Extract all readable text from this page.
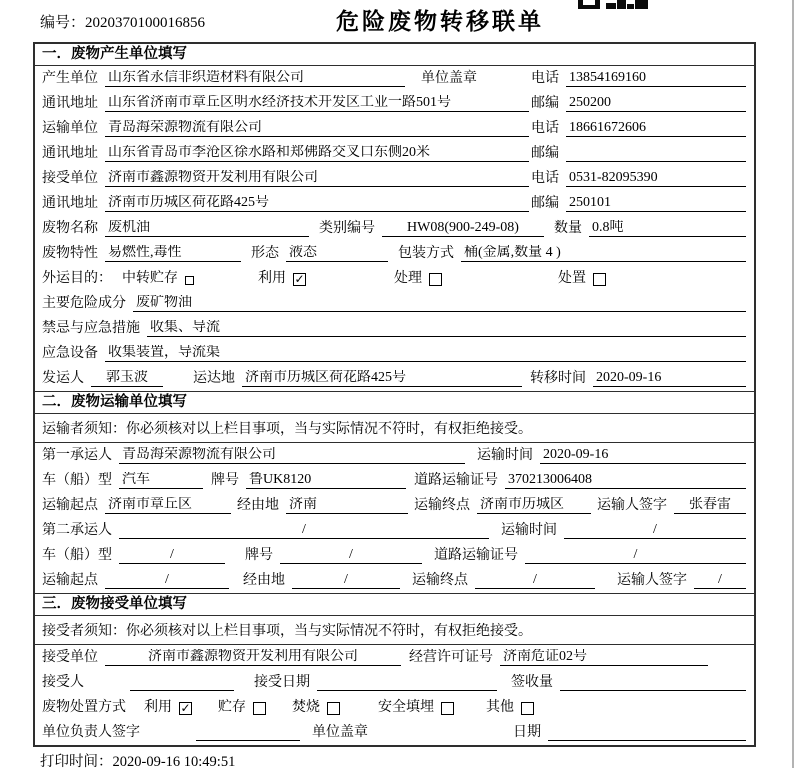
编号：2020370100016856	危险废物转移联单
一．废物产生单位填写
产生单位 山东省永信非织造材料有限公司	单位盖章	电话 13854169160
通讯地址 山东省济南市章丘区明水经济技术开发区工业一路501号	邮编 250200
运输单位 青岛海荣源物流有限公司	电话 18661672606
通讯地址 山东省青岛市李沧区徐水路和郑佛路交叉口东侧20米	邮编
接受单位 济南市鑫源物资开发利用有限公司	电话 0531-82095390
通讯地址 济南市历城区荷花路425号	邮编 250101
废物名称 废机油	类别编号	HW08(900-249-08)	数量 0.8吨
废物特性 易燃性,毒性	形态 液态	包装方式 桶(金属,数量 4 )
外运目的： 中转贮存	利用 ✓	处理	处置
主要危险成分 废矿物油
禁忌与应急措施 收集、导流
应急设备 收集装置，导流渠
发运人	郭玉波	运达地 济南市历城区荷花路425号	转移时间 2020-09-16
二．废物运输单位填写
运输者须知：你必须核对以上栏目事项，当与实际情况不符时，有权拒绝接受。
第一承运人 青岛海荣源物流有限公司	运输时间 2020-09-16
车（船）型 汽车	牌号 鲁UK8120	道路运输证号 370213006408
运输起点 济南市章丘区	经由地 济南	运输终点 济南市历城区	运输人签字	张春雷
第二承运人	/	运输时间	/
车（船）型	/	牌号	/	道路运输证号	/
运输起点	/	经由地	/	运输终点	/	运输人签字	/
三．废物接受单位填写
接受者须知：你必须核对以上栏目事项，当与实际情况不符时，有权拒绝接受。
接受单位	济南市鑫源物资开发利用有限公司	经营许可证号 济南危证02号
接受人	接受日期	签收量
废物处置方式 利用 ✓ 贮存	焚烧	安全填埋	其他
单位负责人签字	单位盖章	日期
打印时间：2020-09-16 10:49:51
